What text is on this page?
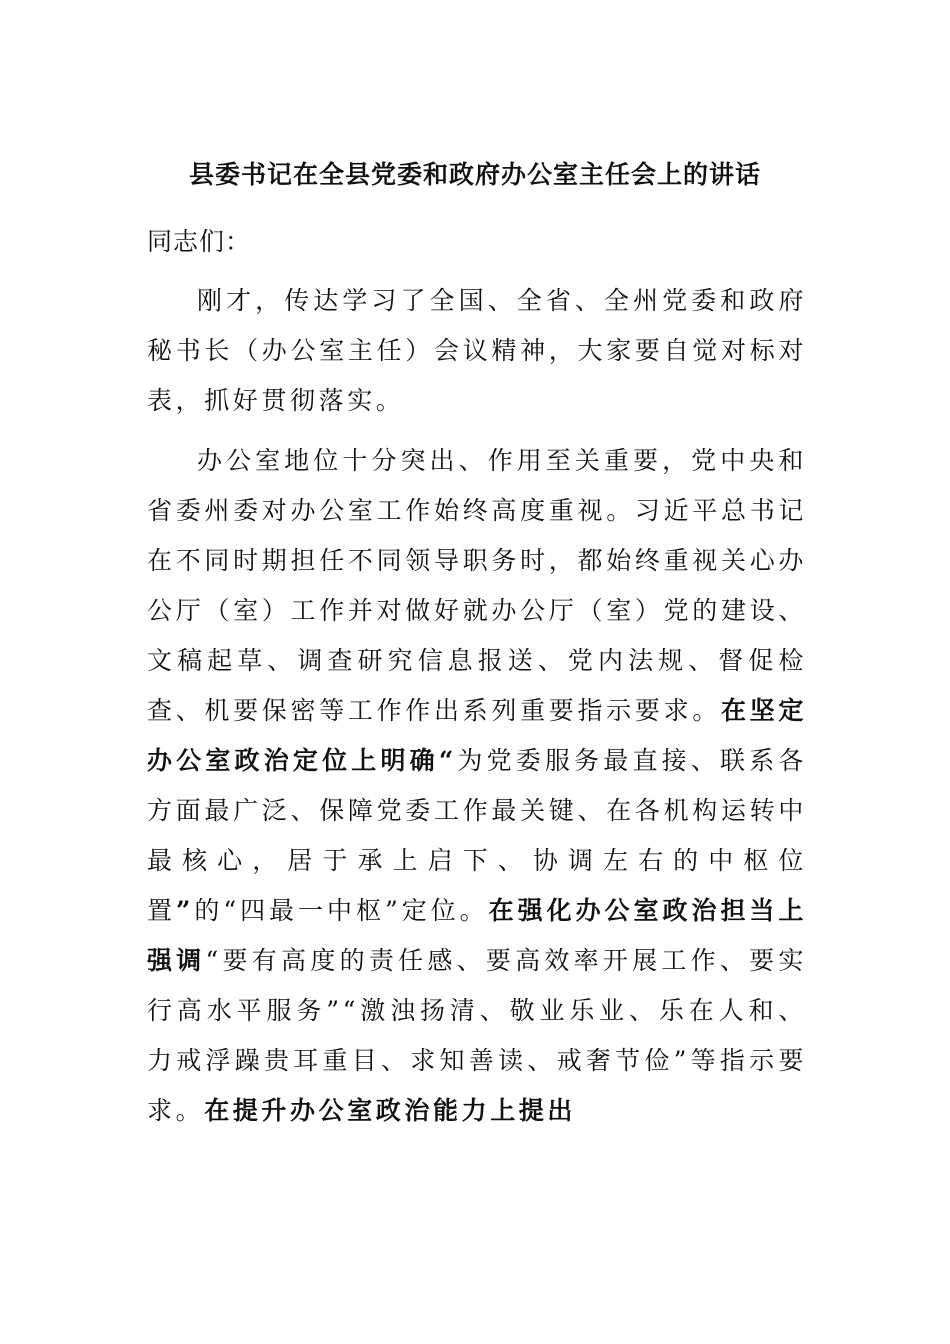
县委书记在全县党委和政府办公室主任会上的讲话
同志们：

刚才，传达学习了全国、全省、全州党委和政府秘书长（办公室主任）会议精神，大家要自觉对标对表，抓好贯彻落实。

办公室地位十分突出、作用至关重要，党中央和省委州委对办公室工作始终高度重视。习近平总书记在不同时期担任不同领导职务时，都始终重视关心办公厅（室）工作并对做好就办公厅（室）党的建设、文稿起草、调查研究信息报送、党内法规、督促检查、机要保密等工作作出系列重要指示要求。在坚定办公室政治定位上明确“为党委服务最直接、联系各方面最广泛、保障党委工作最关键、在各机构运转中最核心，居于承上启下、协调左右的中枢位置”的“四最一中枢”定位。在强化办公室政治担当上强调“要有高度的责任感、要高效率开展工作、要实行高水平服务”“激浊扬清、敬业乐业、乐在人和、力戒浮躁贵耳重目、求知善读、戒奢节俭”等指示要求。在提升办公室政治能力上提出
